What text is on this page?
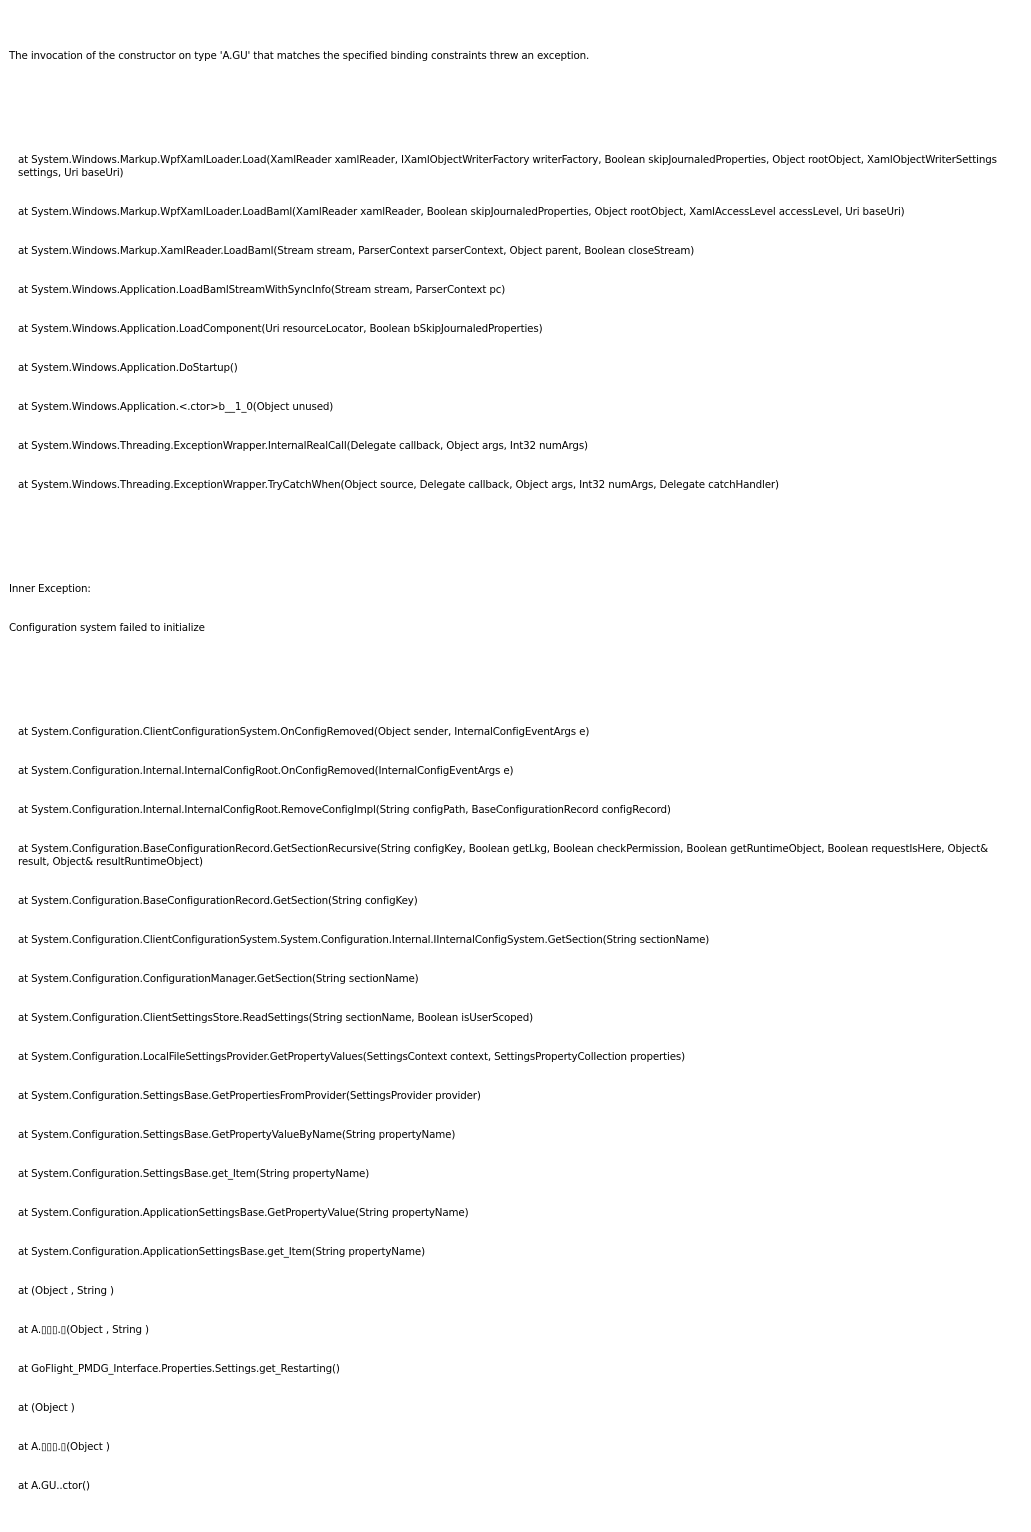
The invocation of the constructor on type 'A.GU' that matches the specified binding constraints threw an exception.

at System.Windows.Markup.WpfXamlLoader.Load(XamlReader xamlReader, IXamlObjectWriterFactory writerFactory, Boolean skipJournaledProperties, Object rootObject, XamlObjectWriterSettings settings, Uri baseUri)

at System.Windows.Markup.WpfXamlLoader.LoadBaml(XamlReader xamlReader, Boolean skipJournaledProperties, Object rootObject, XamlAccessLevel accessLevel, Uri baseUri)

at System.Windows.Markup.XamlReader.LoadBaml(Stream stream, ParserContext parserContext, Object parent, Boolean closeStream)

at System.Windows.Application.LoadBamlStreamWithSyncInfo(Stream stream, ParserContext pc)

at System.Windows.Application.LoadComponent(Uri resourceLocator, Boolean bSkipJournaledProperties)

at System.Windows.Application.DoStartup()

at System.Windows.Application.<.ctor>b__1_0(Object unused)

at System.Windows.Threading.ExceptionWrapper.InternalRealCall(Delegate callback, Object args, Int32 numArgs)

at System.Windows.Threading.ExceptionWrapper.TryCatchWhen(Object source, Delegate callback, Object args, Int32 numArgs, Delegate catchHandler)

Inner Exception:

Configuration system failed to initialize

at System.Configuration.ClientConfigurationSystem.OnConfigRemoved(Object sender, InternalConfigEventArgs e)

at System.Configuration.Internal.InternalConfigRoot.OnConfigRemoved(InternalConfigEventArgs e)

at System.Configuration.Internal.InternalConfigRoot.RemoveConfigImpl(String configPath, BaseConfigurationRecord configRecord)

at System.Configuration.BaseConfigurationRecord.GetSectionRecursive(String configKey, Boolean getLkg, Boolean checkPermission, Boolean getRuntimeObject, Boolean requestIsHere, Object& result, Object& resultRuntimeObject)

at System.Configuration.BaseConfigurationRecord.GetSection(String configKey)

at System.Configuration.ClientConfigurationSystem.System.Configuration.Internal.IInternalConfigSystem.GetSection(String sectionName)

at System.Configuration.ConfigurationManager.GetSection(String sectionName)

at System.Configuration.ClientSettingsStore.ReadSettings(String sectionName, Boolean isUserScoped)

at System.Configuration.LocalFileSettingsProvider.GetPropertyValues(SettingsContext context, SettingsPropertyCollection properties)

at System.Configuration.SettingsBase.GetPropertiesFromProvider(SettingsProvider provider)

at System.Configuration.SettingsBase.GetPropertyValueByName(String propertyName)

at System.Configuration.SettingsBase.get_Item(String propertyName)

at System.Configuration.ApplicationSettingsBase.GetPropertyValue(String propertyName)

at System.Configuration.ApplicationSettingsBase.get_Item(String propertyName)

at (Object , String )

at A.▯▯▯.▯(Object , String )

at GoFlight_PMDG_Interface.Properties.Settings.get_Restarting()

at (Object )

at A.▯▯▯.▯(Object )

at A.GU..ctor()
